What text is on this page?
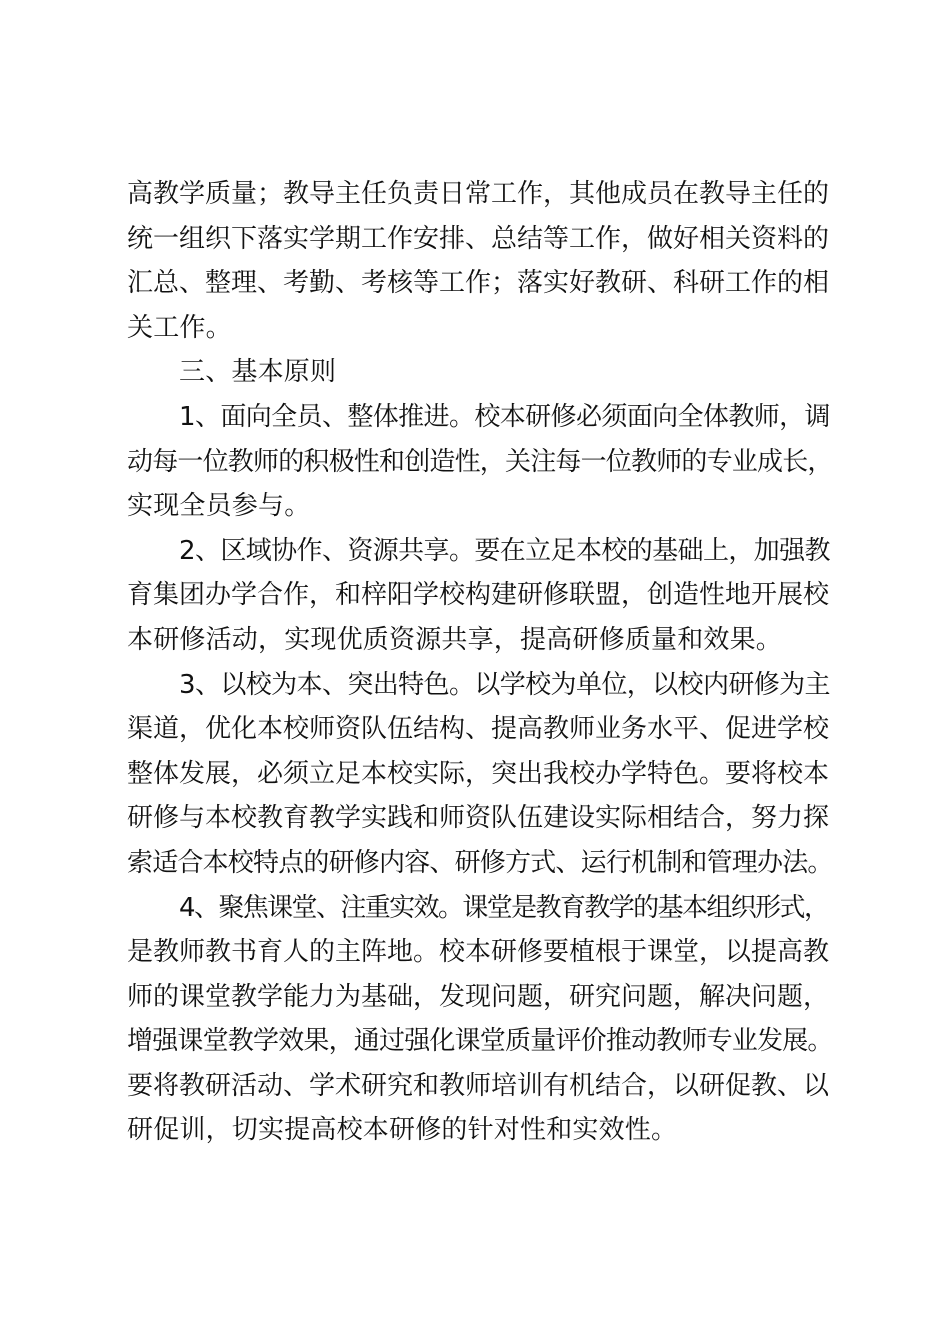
高教学质量；教导主任负责日常工作，其他成员在教导主任的
统一组织下落实学期工作安排、总结等工作，做好相关资料的
汇总、整理、考勤、考核等工作；落实好教研、科研工作的相
关工作。
三、基本原则
1、面向全员、整体推进。校本研修必须面向全体教师，调
动每一位教师的积极性和创造性，关注每一位教师的专业成长，
实现全员参与。
2、区域协作、资源共享。要在立足本校的基础上，加强教
育集团办学合作，和梓阳学校构建研修联盟，创造性地开展校
本研修活动，实现优质资源共享，提高研修质量和效果。
3、以校为本、突出特色。以学校为单位，以校内研修为主
渠道，优化本校师资队伍结构、提高教师业务水平、促进学校
整体发展，必须立足本校实际，突出我校办学特色。要将校本
研修与本校教育教学实践和师资队伍建设实际相结合，努力探
索适合本校特点的研修内容、研修方式、运行机制和管理办法。
4、聚焦课堂、注重实效。课堂是教育教学的基本组织形式，
是教师教书育人的主阵地。校本研修要植根于课堂，以提高教
师的课堂教学能力为基础，发现问题，研究问题，解决问题，
增强课堂教学效果，通过强化课堂质量评价推动教师专业发展。
要将教研活动、学术研究和教师培训有机结合，以研促教、以
研促训，切实提高校本研修的针对性和实效性。
